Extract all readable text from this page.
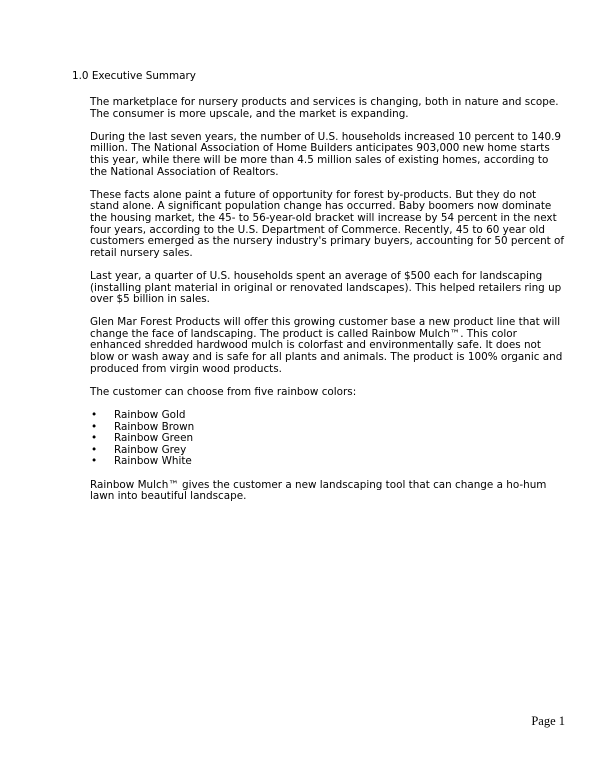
1.0 Executive Summary

The marketplace for nursery products and services is changing, both in nature and scope. The consumer is more upscale, and the market is expanding.

During the last seven years, the number of U.S. households increased 10 percent to 140.9 million. The National Association of Home Builders anticipates 903,000 new home starts this year, while there will be more than 4.5 million sales of existing homes, according to the National Association of Realtors.

These facts alone paint a future of opportunity for forest by-products. But they do not stand alone. A significant population change has occurred. Baby boomers now dominate the housing market, the 45- to 56-year-old bracket will increase by 54 percent in the next four years, according to the U.S. Department of Commerce. Recently, 45 to 60 year old customers emerged as the nursery industry's primary buyers, accounting for 50 percent of retail nursery sales.

Last year, a quarter of U.S. households spent an average of $500 each for landscaping (installing plant material in original or renovated landscapes). This helped retailers ring up over $5 billion in sales.

Glen Mar Forest Products will offer this growing customer base a new product line that will change the face of landscaping. The product is called Rainbow Mulch™. This color enhanced shredded hardwood mulch is colorfast and environmentally safe. It does not blow or wash away and is safe for all plants and animals. The product is 100% organic and produced from virgin wood products.

The customer can choose from five rainbow colors:

• Rainbow Gold
• Rainbow Brown
• Rainbow Green
• Rainbow Grey
• Rainbow White

Rainbow Mulch™ gives the customer a new landscaping tool that can change a ho-hum lawn into beautiful landscape.

Page 1
